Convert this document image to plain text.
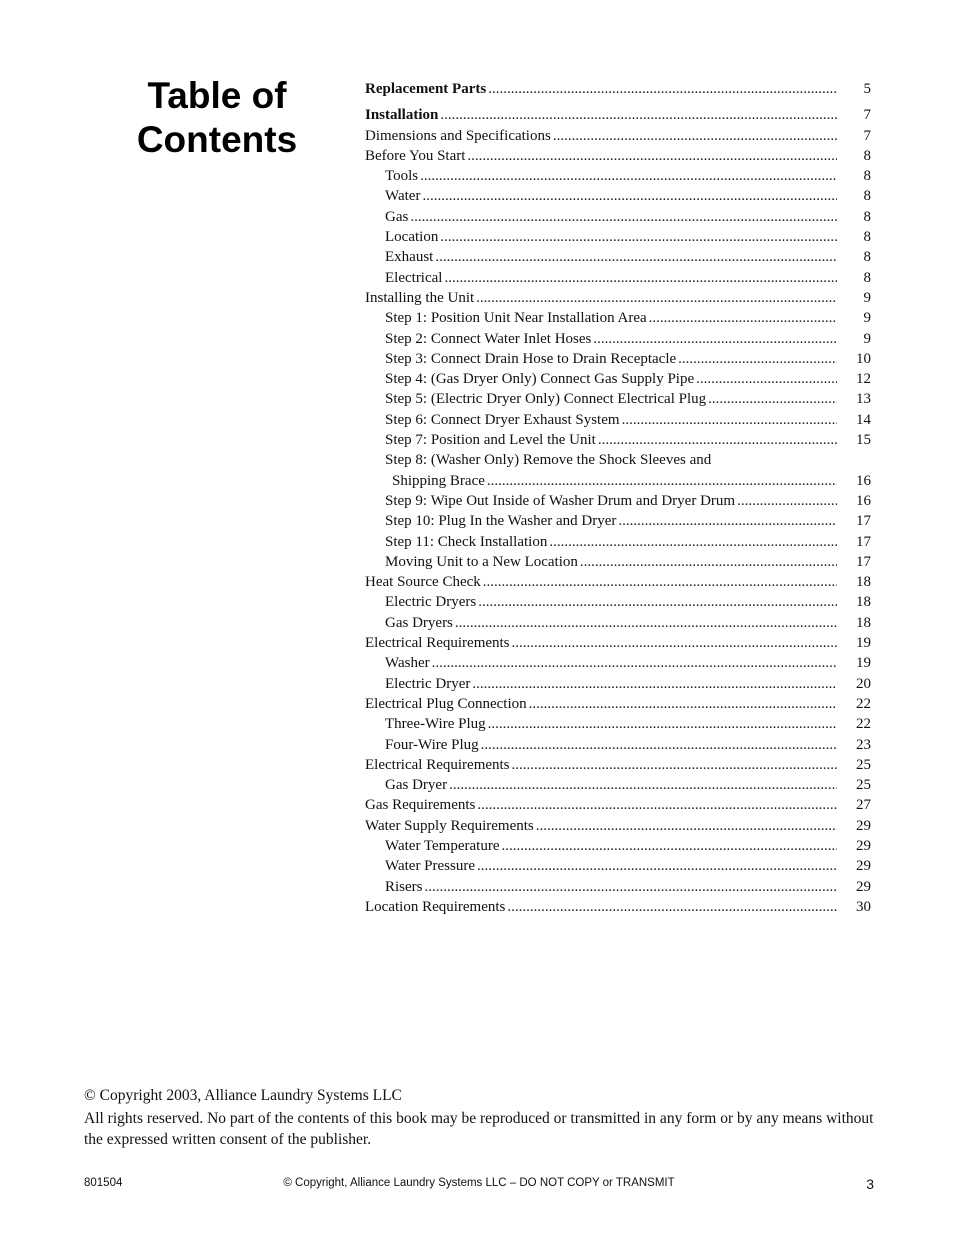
Table of
Contents
Replacement Parts .....	5
Installation .....	7
Dimensions and Specifications .....	7
Before You Start .....	8
Tools .....	8
Water .....	8
Gas .....	8
Location .....	8
Exhaust .....	8
Electrical .....	8
Installing the Unit .....	9
Step 1: Position Unit Near Installation Area .....	9
Step 2: Connect Water Inlet Hoses .....	9
Step 3: Connect Drain Hose to Drain Receptacle .....	10
Step 4: (Gas Dryer Only) Connect Gas Supply Pipe .....	12
Step 5: (Electric Dryer Only) Connect Electrical Plug .....	13
Step 6: Connect Dryer Exhaust System .....	14
Step 7: Position and Level the Unit .....	15
Step 8: (Washer Only) Remove the Shock Sleeves and
Shipping Brace .....	16
Step 9: Wipe Out Inside of Washer Drum and Dryer Drum .....	16
Step 10: Plug In the Washer and Dryer .....	17
Step 11: Check Installation .....	17
Moving Unit to a New Location .....	17
Heat Source Check .....	18
Electric Dryers .....	18
Gas Dryers .....	18
Electrical Requirements .....	19
Washer .....	19
Electric Dryer .....	20
Electrical Plug Connection .....	22
Three-Wire Plug .....	22
Four-Wire Plug .....	23
Electrical Requirements .....	25
Gas Dryer .....	25
Gas Requirements .....	27
Water Supply Requirements .....	29
Water Temperature .....	29
Water Pressure .....	29
Risers .....	29
Location Requirements .....	30

© Copyright 2003, Alliance Laundry Systems LLC

All rights reserved. No part of the contents of this book may be reproduced or transmitted in any form or by any means without the expressed written consent of the publisher.

801504	© Copyright, Alliance Laundry Systems LLC – DO NOT COPY or TRANSMIT	3
